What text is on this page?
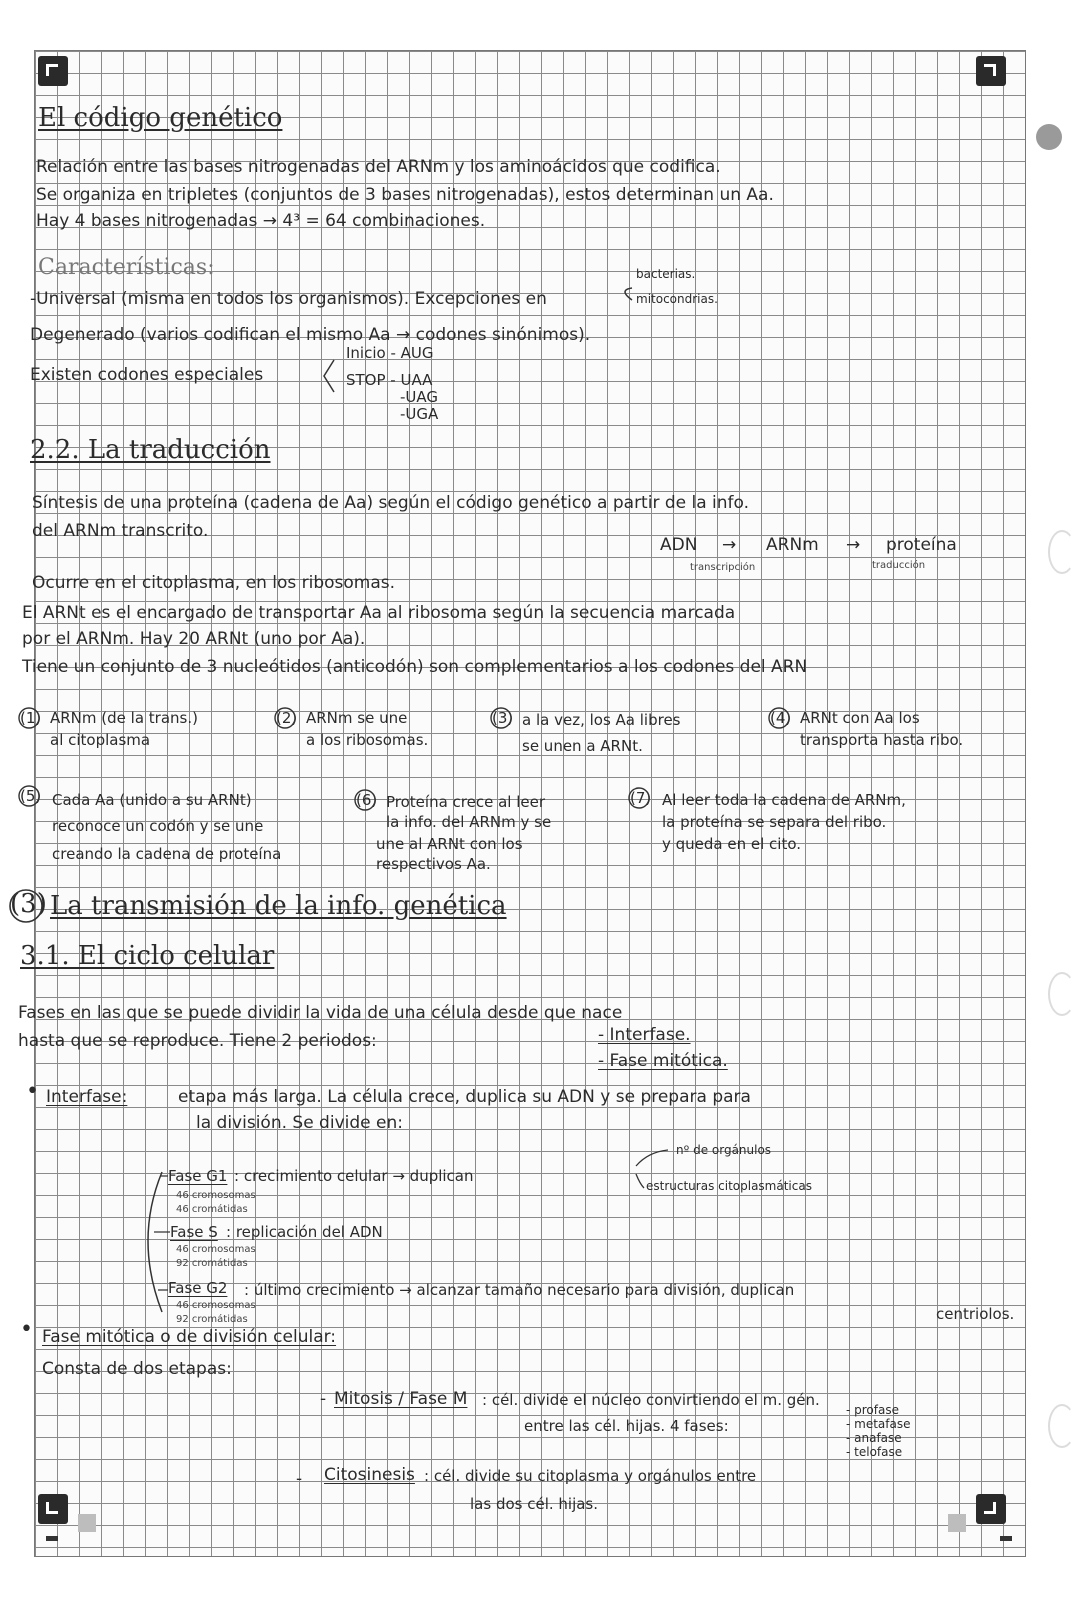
El código genético
Relación entre las bases nitrogenadas del ARNm y los aminoácidos que codifica.
Se organiza en tripletes (conjuntos de 3 bases nitrogenadas), estos determinan un Aa.
Hay 4 bases nitrogenadas → 4³ = 64 combinaciones.
Características:
-Universal (misma en todos los organismos). Excepciones en
bacterias.
mitocondrias.
Degenerado (varios codifican el mismo Aa → codones sinónimos).
Existen codones especiales
Inicio - AUG
STOP - UAA
-UAG
-UGA
2.2. La traducción
Síntesis de una proteína (cadena de Aa) según el código genético a partir de la info.
del ARNm transcrito.
ADN → ARNm → proteína
transcripción	traducción
Ocurre en el citoplasma, en los ribosomas.
El ARNt es el encargado de transportar Aa al ribosoma según la secuencia marcada
por el ARNm. Hay 20 ARNt (uno por Aa).
Tiene un conjunto de 3 nucleótidos (anticodón) son complementarios a los codones del ARN
(1) ARNm (de la trans.)
al citoplasma
(2) ARNm se une
a los ribosomas.
(3) a la vez, los Aa libres
se unen a ARNt.
(4) ARNt con Aa los
transporta hasta ribo.
(5) Cada Aa (unido a su ARNt)
reconoce un codón y se une
creando la cadena de proteína
(6) Proteína crece al leer
la info. del ARNm y se
une al ARNt con los
respectivos Aa.
(7) Al leer toda la cadena de ARNm,
la proteína se separa del ribo.
y queda en el cito.
(3) La transmisión de la info. genética
3.1. El ciclo celular
Fases en las que se puede dividir la vida de una célula desde que nace
hasta que se reproduce. Tiene 2 periodos:	- Interfase.
- Fase mitótica.
• Interfase:	etapa más larga. La célula crece, duplica su ADN y se prepara para
la división. Se divide en:
Fase G1 : crecimiento celular → duplican
nº de orgánulos
estructuras citoplasmáticas
46 cromosomas
46 cromátidas
Fase S : replicación del ADN
46 cromosomas
92 cromátidas
Fase G2 : último crecimiento → alcanzar tamaño necesario para división, duplican
centriolos.
46 cromosomas
92 cromátidas
• Fase mitótica o de división celular:
Consta de dos etapas:
- Mitosis / Fase M : cél. divide el núcleo convirtiendo el m. gén.
entre las cél. hijas. 4 fases:
- profase
- metafase
- anafase
- telofase
- Citosinesis : cél. divide su citoplasma y orgánulos entre
las dos cél. hijas.
